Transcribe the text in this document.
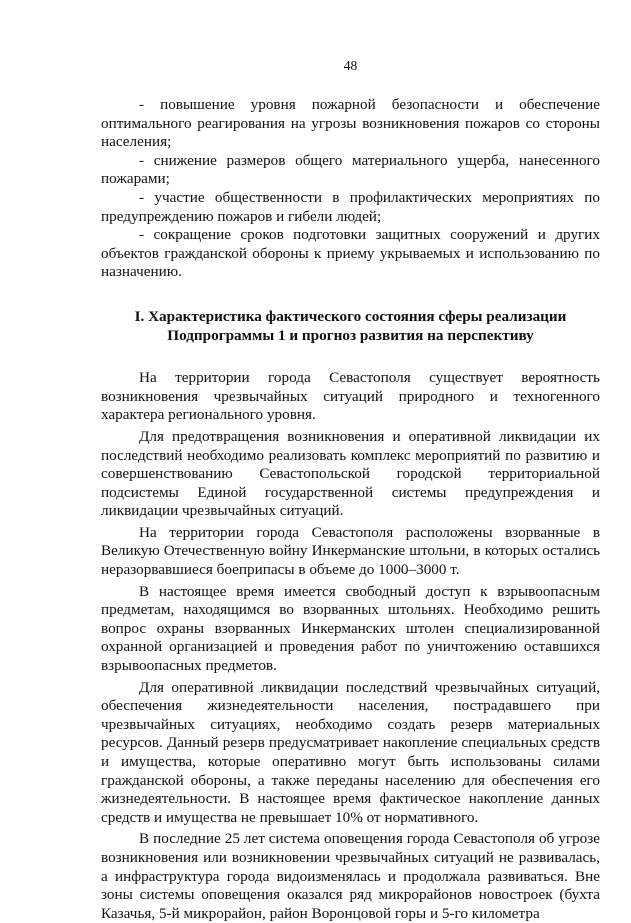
48

- повышение уровня пожарной безопасности и обеспечение оптимального реагирования на угрозы возникновения пожаров со стороны населения;

- снижение размеров общего материального ущерба, нанесенного пожарами;

- участие общественности в профилактических мероприятиях по предупреждению пожаров и гибели людей;

- сокращение сроков подготовки защитных сооружений и других объектов гражданской обороны к приему укрываемых и использованию по назначению.

I. Характеристика фактического состояния сферы реализации
Подпрограммы 1 и прогноз развития на перспективу

На территории города Севастополя существует вероятность возникновения чрезвычайных ситуаций природного и техногенного характера регионального уровня.

Для предотвращения возникновения и оперативной ликвидации их последствий необходимо реализовать комплекс мероприятий по развитию и совершенствованию Севастопольской городской территориальной подсистемы Единой государственной системы предупреждения и ликвидации чрезвычайных ситуаций.

На территории города Севастополя расположены взорванные в Великую Отечественную войну Инкерманские штольни, в которых остались неразорвавшиеся боеприпасы в объеме до 1000–3000 т.

В настоящее время имеется свободный доступ к взрывоопасным предметам, находящимся во взорванных штольнях. Необходимо решить вопрос охраны взорванных Инкерманских штолен специализированной охранной организацией и проведения работ по уничтожению оставшихся взрывоопасных предметов.

Для оперативной ликвидации последствий чрезвычайных ситуаций, обеспечения жизнедеятельности населения, пострадавшего при чрезвычайных ситуациях, необходимо создать резерв материальных ресурсов. Данный резерв предусматривает накопление специальных средств и имущества, которые оперативно могут быть использованы силами гражданской обороны, а также переданы населению для обеспечения его жизнедеятельности. В настоящее время фактическое накопление данных средств и имущества не превышает 10% от нормативного.

В последние 25 лет система оповещения города Севастополя об угрозе возникновения или возникновении чрезвычайных ситуаций не развивалась, а инфраструктура города видоизменялась и продолжала развиваться. Вне зоны системы оповещения оказался ряд микрорайонов новостроек (бухта Казачья, 5-й микрорайон, район Воронцовой горы и 5-го километра
